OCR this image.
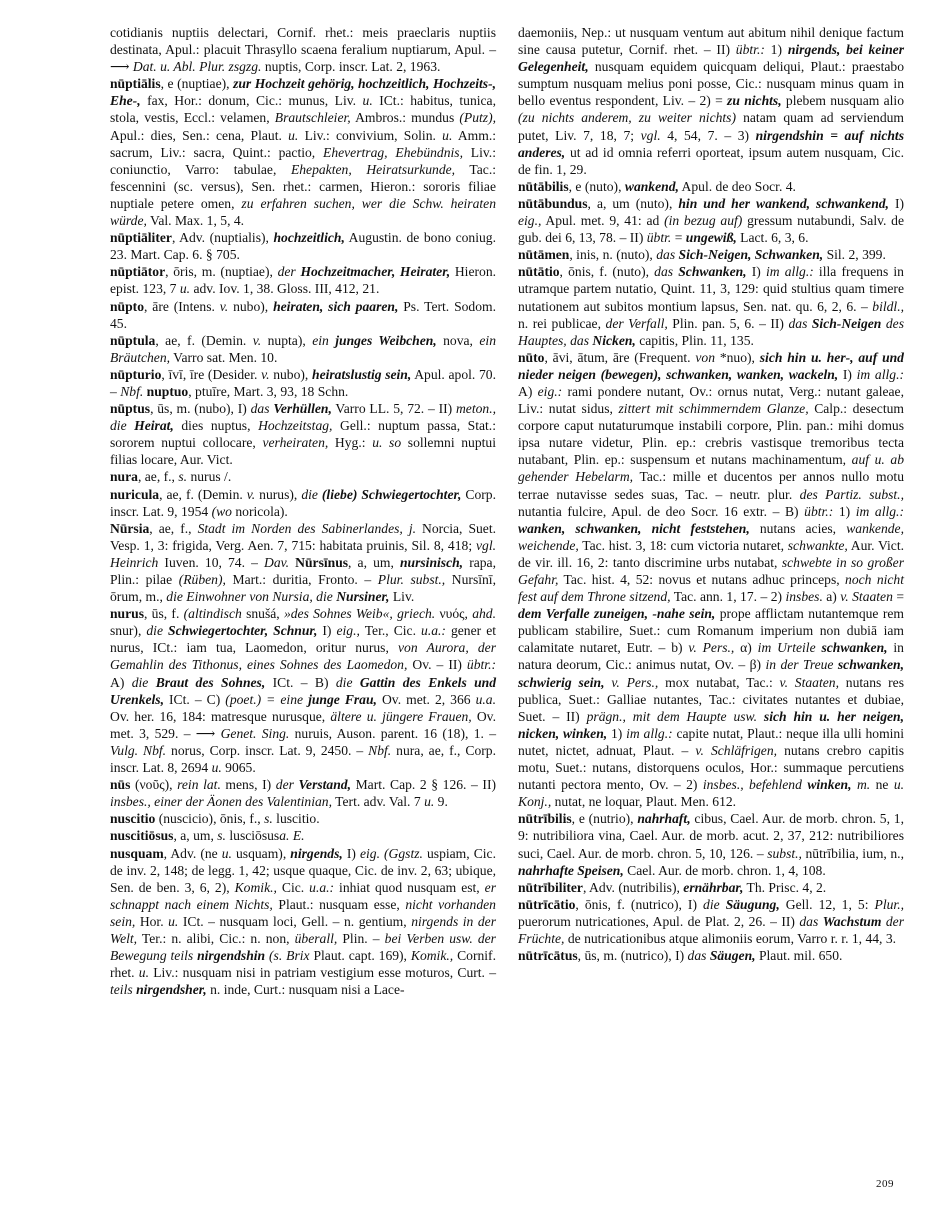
cotidianis nuptiis delectari, Cornif. rhet.: meis praeclaris nuptiis destinata, Apul.: placuit Thrasyllo scaena feralium nuptiarum, Apul. – ⟶ Dat. u. Abl. Plur. zsgzg. nuptis, Corp. inscr. Lat. 2, 1963.

nūptiālis, e (nuptiae), zur Hochzeit gehörig, hochzeitlich, Hochzeits-, Ehe-, fax, Hor.: donum, Cic.: munus, Liv. u. ICt.: habitus, tunica, stola, vestis, Eccl.: velamen, Brautschleier, Ambros.: mundus (Putz), Apul.: dies, Sen.: cena, Plaut. u. Liv.: convivium, Solin. u. Amm.: sacrum, Liv.: sacra, Quint.: pactio, Ehevertrag, Ehebündnis, Liv.: coniunctio, Varro: tabulae, Ehepakten, Heiratsurkunde, Tac.: fescennini (sc. versus), Sen. rhet.: carmen, Hieron.: sororis filiae nuptiale petere omen, zu erfahren suchen, wer die Schw. heiraten würde, Val. Max. 1, 5, 4.

nūptiāliter, Adv. (nuptialis), hochzeitlich, Augustin. de bono coniug. 23. Mart. Cap. 6. § 705.

nūptiātor, ōris, m. (nuptiae), der Hochzeitmacher, Heirater, Hieron. epist. 123, 7 u. adv. Iov. 1, 38. Gloss. III, 412, 21.

nūpto, āre (Intens. v. nubo), heiraten, sich paaren, Ps. Tert. Sodom. 45.

nūptula, ae, f. (Demin. v. nupta), ein junges Weibchen, nova, ein Bräutchen, Varro sat. Men. 10.

nūpturio, īvī, īre (Desider. v. nubo), heiratslustig sein, Apul. apol. 70. – Nbf. nuptuo, ptuīre, Mart. 3, 93, 18 Schn.

nūptus, ūs, m. (nubo), I) das Verhüllen, Varro LL. 5, 72. – II) meton., die Heirat, dies nuptus, Hochzeitstag, Gell.: nuptum passa, Stat.: sororem nuptui collocare, verheiraten, Hyg.: u. so sollemni nuptui filias locare, Aur. Vict.

nura, ae, f., s. nurus /.

nuricula, ae, f. (Demin. v. nurus), die (liebe) Schwiegertochter, Corp. inscr. Lat. 9, 1954 (wo noricola).

Nūrsia, ae, f., Stadt im Norden des Sabinerlandes, j. Norcia, Suet. Vesp. 1, 3: frigida, Verg. Aen. 7, 715: habitata pruinis, Sil. 8, 418; vgl. Heinrich Iuven. 10, 74. – Dav. Nūrsīnus, a, um, nursinisch, rapa, Plin.: pilae (Rüben), Mart.: duritia, Fronto. – Plur. subst., Nursīnī, ōrum, m., die Einwohner von Nursia, die Nursiner, Liv.

nurus, ūs, f. (altindisch snušá, »des Sohnes Weib«, griech. νυός, ahd. snur), die Schwiegertochter, Schnur, I) eig., Ter., Cic. u.a.: gener et nurus, ICt.: iam tua, Laomedon, oritur nurus, von Aurora, der Gemahlin des Tithonus, eines Sohnes des Laomedon, Ov. – II) übtr.: A) die Braut des Sohnes, ICt. – B) die Gattin des Enkels und Urenkels, ICt. – C) (poet.) = eine junge Frau, Ov. met. 2, 366 u.a. Ov. her. 16, 184: matresque nurusque, ältere u. jüngere Frauen, Ov. met. 3, 529. – ⟶ Genet. Sing. nuruis, Auson. parent. 16 (18), 1. – Vulg. Nbf. norus, Corp. inscr. Lat. 9, 2450. – Nbf. nura, ae, f., Corp. inscr. Lat. 8, 2694 u. 9065.

nūs (νοῦς), rein lat. mens, I) der Verstand, Mart. Cap. 2 § 126. – II) insbes., einer der Äonen des Valentinian, Tert. adv. Val. 7 u. 9.

nuscitio (nuscicio), ōnis, f., s. luscitio.

nuscitiōsus, a, um, s. lusciōsusa. E.

nusquam, Adv. (ne u. usquam), nirgends, I) eig. (Ggstz. uspiam, Cic. de inv. 2, 148; de legg. 1, 42; usque quaque, Cic. de inv. 2, 63; ubique, Sen. de ben. 3, 6, 2), Komik., Cic. u.a.: inhiat quod nusquam est, er schnappt nach einem Nichts, Plaut.: nusquam esse, nicht vorhanden sein, Hor. u. ICt. – nusquam loci, Gell. – n. gentium, nirgends in der Welt, Ter.: n. alibi, Cic.: n. non, überall, Plin. – bei Verben usw. der Bewegung teils nirgendshin (s. Brix Plaut. capt. 169), Komik., Cornif. rhet. u. Liv.: nusquam nisi in patriam vestigium esse moturos, Curt. – teils nirgendsher, n. inde, Curt.: nusquam nisi a Lace-

daemoniis, Nep.: ut nusquam ventum aut abitum nihil denique factum sine causa putetur, Cornif. rhet. – II) übtr.: 1) nirgends, bei keiner Gelegenheit, nusquam equidem quicquam deliqui, Plaut.: praestabo sumptum nusquam melius poni posse, Cic.: nusquam minus quam in bello eventus respondent, Liv. – 2) = zu nichts, plebem nusquam alio (zu nichts anderem, zu weiter nichts) natam quam ad serviendum putet, Liv. 7, 18, 7; vgl. 4, 54, 7. – 3) nirgendshin = auf nichts anderes, ut ad id omnia referri oporteat, ipsum autem nusquam, Cic. de fin. 1, 29.

nūtābilis, e (nuto), wankend, Apul. de deo Socr. 4.

nūtābundus, a, um (nuto), hin und her wankend, schwankend, I) eig., Apul. met. 9, 41: ad (in bezug auf) gressum nutabundi, Salv. de gub. dei 6, 13, 78. – II) übtr. = ungewiß, Lact. 6, 3, 6.

nūtāmen, inis, n. (nuto), das Sich-Neigen, Schwanken, Sil. 2, 399.

nūtātio, ōnis, f. (nuto), das Schwanken, I) im allg.: illa frequens in utramque partem nutatio, Quint. 11, 3, 129: quid stultius quam timere nutationem aut subitos montium lapsus, Sen. nat. qu. 6, 2, 6. – bildl., n. rei publicae, der Verfall, Plin. pan. 5, 6. – II) das Sich-Neigen des Hauptes, das Nicken, capitis, Plin. 11, 135.

nūto, āvi, ātum, āre (Frequent. von *nuo), sich hin u. her-, auf und nieder neigen (bewegen), schwanken, wanken, wackeln, I) im allg.: A) eig.: rami pondere nutant, Ov.: ornus nutat, Verg.: nutant galeae, Liv.: nutat sidus, zittert mit schimmerndem Glanze, Calp.: desectum corpore caput nutaturumque instabili corpore, Plin. pan.: mihi domus ipsa nutare videtur, Plin. ep.: crebris vastisque tremoribus tecta nutabant, Plin. ep.: suspensum et nutans machinamentum, auf u. ab gehender Hebelarm, Tac.: mille et ducentos per annos nullo motu terrae nutavisse sedes suas, Tac. – neutr. plur. des Partiz. subst., nutantia fulcire, Apul. de deo Socr. 16 extr. – B) übtr.: 1) im allg.: wanken, schwanken, nicht feststehen, nutans acies, wankende, weichende, Tac. hist. 3, 18: cum victoria nutaret, schwankte, Aur. Vict. de vir. ill. 16, 2: tanto discrimine urbs nutabat, schwebte in so großer Gefahr, Tac. hist. 4, 52: novus et nutans adhuc princeps, noch nicht fest auf dem Throne sitzend, Tac. ann. 1, 17. – 2) insbes. a) v. Staaten = dem Verfalle zuneigen, -nahe sein, prope afflictam nutantemque rem publicam stabilire, Suet.: cum Romanum imperium non dubiā iam calamitate nutaret, Eutr. – b) v. Pers., α) im Urteile schwanken, in natura deorum, Cic.: animus nutat, Ov. – β) in der Treue schwanken, schwierig sein, v. Pers., mox nutabat, Tac.: v. Staaten, nutans res publica, Suet.: Galliae nutantes, Tac.: civitates nutantes et dubiae, Suet. – II) prägn., mit dem Haupte usw. sich hin u. her neigen, nicken, winken, 1) im allg.: capite nutat, Plaut.: neque illa ulli homini nutet, nictet, adnuat, Plaut. – v. Schläfrigen, nutans crebro capitis motu, Suet.: nutans, distorquens oculos, Hor.: summaque percutiens nutanti pectora mento, Ov. – 2) insbes., befehlend winken, m. ne u. Konj., nutat, ne loquar, Plaut. Men. 612.

nūtrībilis, e (nutrio), nahrhaft, cibus, Cael. Aur. de morb. chron. 5, 1, 9: nutribiliora vina, Cael. Aur. de morb. acut. 2, 37, 212: nutribiliores suci, Cael. Aur. de morb. chron. 5, 10, 126. – subst., nūtrībilia, ium, n., nahrhafte Speisen, Cael. Aur. de morb. chron. 1, 4, 108.

nūtrībiliter, Adv. (nutribilis), ernährbar, Th. Prisc. 4, 2.

nūtrīcātio, ōnis, f. (nutrico), I) die Säugung, Gell. 12, 1, 5: Plur., puerorum nutricationes, Apul. de Plat. 2, 26. – II) das Wachstum der Früchte, de nutricationibus atque alimoniis eorum, Varro r. r. 1, 44, 3.

nūtrīcātus, ūs, m. (nutrico), I) das Säugen, Plaut. mil. 650.

209
